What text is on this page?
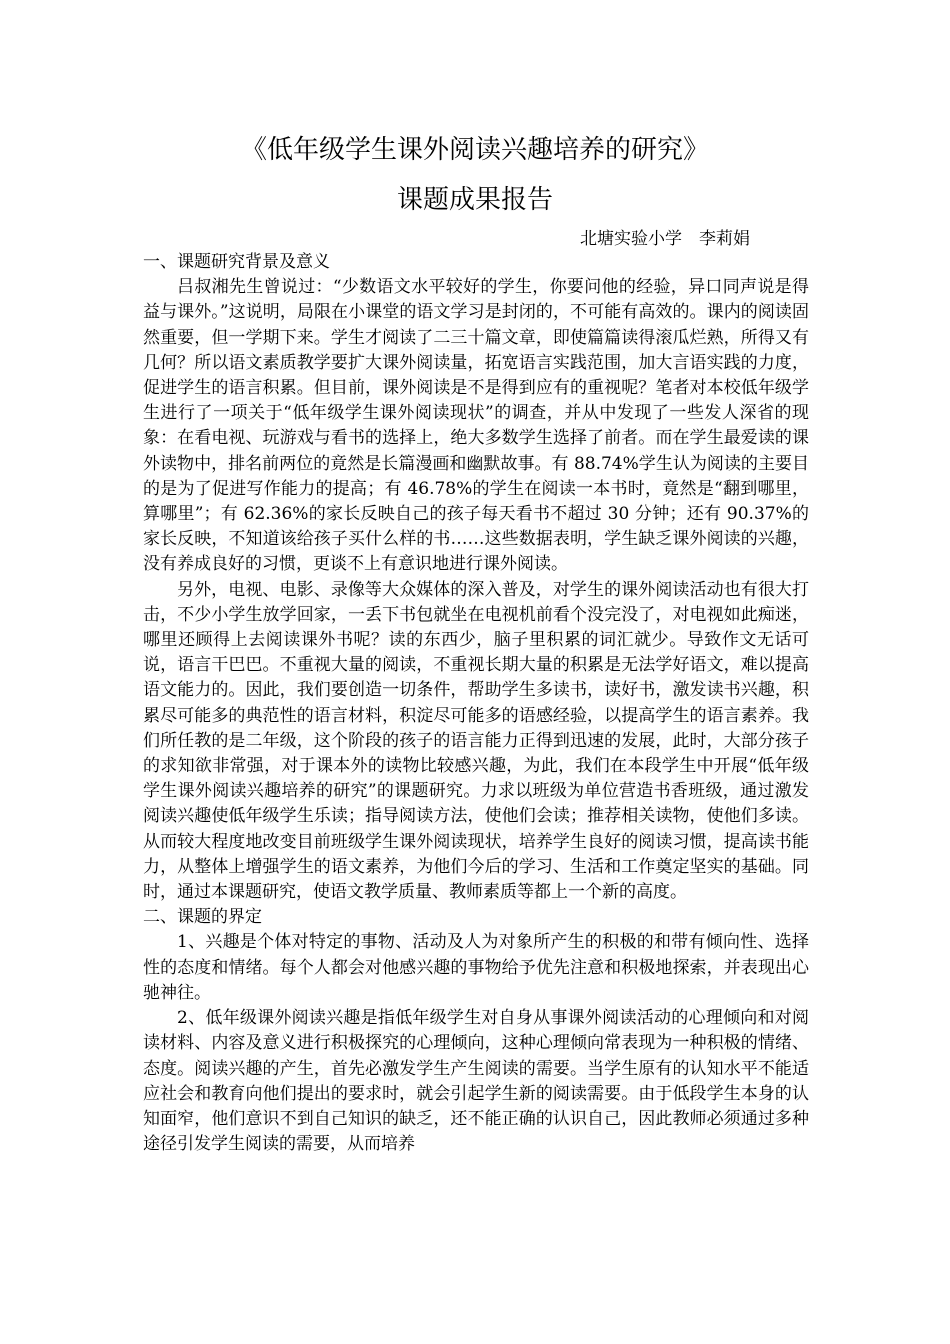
《低年级学生课外阅读兴趣培养的研究》
课题成果报告
北塘实验小学　李莉娟

一、课题研究背景及意义

吕叔湘先生曾说过：“少数语文水平较好的学生，你要问他的经验，异口同声说是得益与课外。”这说明，局限在小课堂的语文学习是封闭的，不可能有高效的。课内的阅读固然重要，但一学期下来。学生才阅读了二三十篇文章，即使篇篇读得滚瓜烂熟，所得又有几何？所以语文素质教学要扩大课外阅读量，拓宽语言实践范围，加大言语实践的力度，促进学生的语言积累。但目前，课外阅读是不是得到应有的重视呢？笔者对本校低年级学生进行了一项关于“低年级学生课外阅读现状”的调查，并从中发现了一些发人深省的现象：在看电视、玩游戏与看书的选择上，绝大多数学生选择了前者。而在学生最爱读的课外读物中，排名前两位的竟然是长篇漫画和幽默故事。有 88.74%学生认为阅读的主要目的是为了促进写作能力的提高；有 46.78%的学生在阅读一本书时，竟然是“翻到哪里，算哪里”；有 62.36%的家长反映自己的孩子每天看书不超过 30 分钟；还有 90.37%的家长反映，不知道该给孩子买什么样的书……这些数据表明，学生缺乏课外阅读的兴趣，没有养成良好的习惯，更谈不上有意识地进行课外阅读。

另外，电视、电影、录像等大众媒体的深入普及，对学生的课外阅读活动也有很大打击，不少小学生放学回家，一丢下书包就坐在电视机前看个没完没了，对电视如此痴迷，哪里还顾得上去阅读课外书呢？读的东西少，脑子里积累的词汇就少。导致作文无话可说，语言干巴巴。不重视大量的阅读，不重视长期大量的积累是无法学好语文，难以提高语文能力的。因此，我们要创造一切条件，帮助学生多读书，读好书，激发读书兴趣，积累尽可能多的典范性的语言材料，积淀尽可能多的语感经验，以提高学生的语言素养。我们所任教的是二年级，这个阶段的孩子的语言能力正得到迅速的发展，此时，大部分孩子的求知欲非常强，对于课本外的读物比较感兴趣，为此，我们在本段学生中开展“低年级学生课外阅读兴趣培养的研究”的课题研究。力求以班级为单位营造书香班级，通过激发阅读兴趣使低年级学生乐读；指导阅读方法，使他们会读；推荐相关读物，使他们多读。从而较大程度地改变目前班级学生课外阅读现状，培养学生良好的阅读习惯，提高读书能力，从整体上增强学生的语文素养，为他们今后的学习、生活和工作奠定坚实的基础。同时，通过本课题研究，使语文教学质量、教师素质等都上一个新的高度。

二、课题的界定

1、兴趣是个体对特定的事物、活动及人为对象所产生的积极的和带有倾向性、选择性的态度和情绪。每个人都会对他感兴趣的事物给予优先注意和积极地探索，并表现出心驰神往。

2、低年级课外阅读兴趣是指低年级学生对自身从事课外阅读活动的心理倾向和对阅读材料、内容及意义进行积极探究的心理倾向，这种心理倾向常表现为一种积极的情绪、态度。阅读兴趣的产生，首先必激发学生产生阅读的需要。当学生原有的认知水平不能适应社会和教育向他们提出的要求时，就会引起学生新的阅读需要。由于低段学生本身的认知面窄，他们意识不到自己知识的缺乏，还不能正确的认识自己，因此教师必须通过多种途径引发学生阅读的需要，从而培养
